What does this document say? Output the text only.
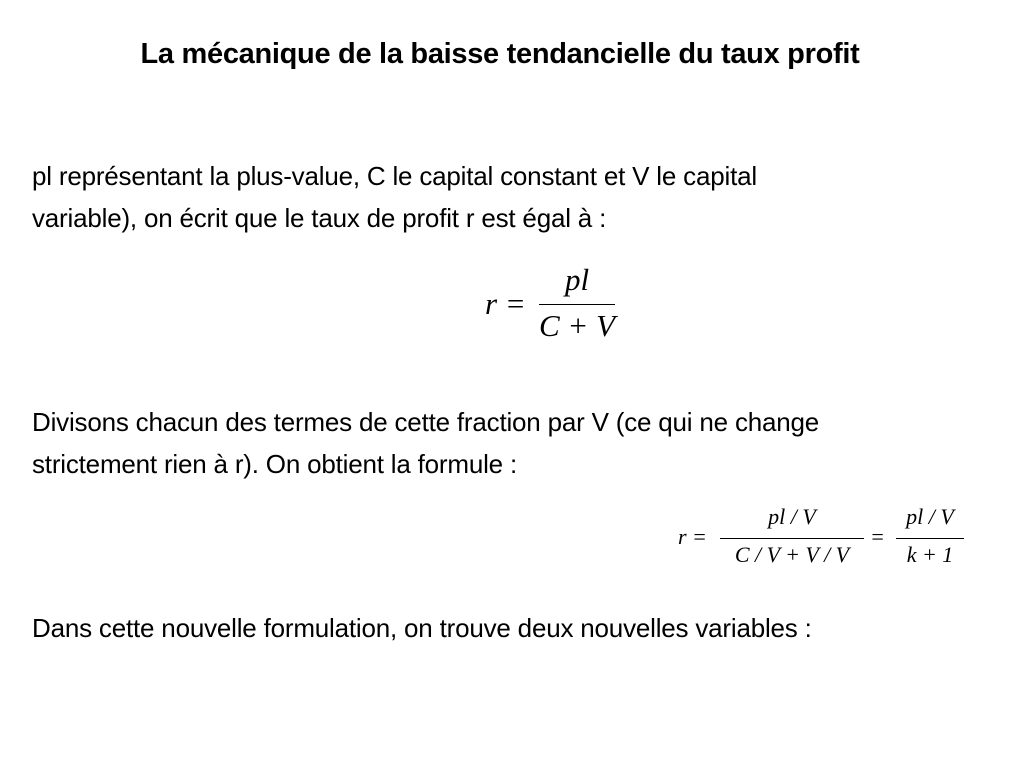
La mécanique de la baisse tendancielle du taux profit
pl représentant la plus-value, C le capital constant et V le capital
variable), on écrit que le taux de profit r est égal à :
r =
pl
C + V
Divisons chacun des termes de cette fraction par V (ce qui ne change
strictement rien à r). On obtient la formule :
r =
pl / V
C / V + V / V
=
pl / V
k + 1
Dans cette nouvelle formulation, on trouve deux nouvelles variables :
